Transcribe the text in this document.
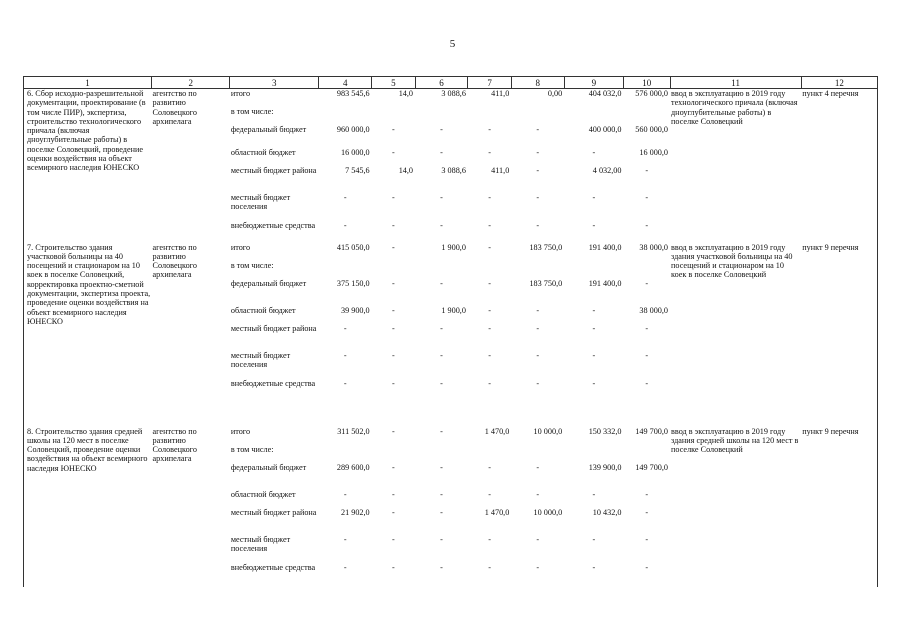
5
1	2	3	4	5	6	7	8	9	10	11	12
6. Сбор исходно-разрешительной документации, проектирование (в том числе ПИР), экспертиза, строительство технологического причала (включая дноуглубительные работы) в поселке Соловецкий, проведение оценки воздействия на объект всемирного наследия ЮНЕСКО	агентство по развитию Соловецкого архипелага	итого	983 545,6	14,0	3 088,6	411,0	0,00	404 032,0	576 000,0	ввод в эксплуатацию в 2019 году технологического причала (включая дноуглубительные работы) в поселке Соловецкий	пункт 4 перечня
		в том числе:									
		федеральный бюджет	960 000,0	-	-	-	-	400 000,0	560 000,0		
		областной бюджет	16 000,0	-	-	-	-	-	16 000,0		
		местный бюджет района	7 545,6	14,0	3 088,6	411,0	-	4 032,00	-		
		местный бюджет поселения	-	-	-	-	-	-	-		
		внебюджетные средства	-	-	-	-	-	-	-		
7. Строительство здания участковой больницы на 40 посещений и стационаром на 10 коек в поселке Соловецкий, корректировка проектно-сметной документации, экспертиза проекта, проведение оценки воздействия на объект всемирного наследия ЮНЕСКО	агентство по развитию Соловецкого архипелага	итого	415 050,0	-	1 900,0	-	183 750,0	191 400,0	38 000,0	ввод в эксплуатацию в 2019 году здания участковой больницы на 40 посещений и стационаром на 10 коек в поселке Соловецкий	пункт 9 перечня
		в том числе:									
		федеральный бюджет	375 150,0	-	-	-	183 750,0	191 400,0	-		
		областной бюджет	39 900,0	-	1 900,0	-	-	-	38 000,0		
		местный бюджет района	-	-	-	-	-	-	-		
		местный бюджет поселения	-	-	-	-	-	-	-		
		внебюджетные средства	-	-	-	-	-	-	-		

8. Строительство здания средней школы на 120 мест в поселке Соловецкий, проведение оценки воздействия на объект всемирного наследия ЮНЕСКО	агентство по развитию Соловецкого архипелага	итого	311 502,0	-	-	1 470,0	10 000,0	150 332,0	149 700,0	ввод в эксплуатацию в 2019 году здания средней школы на 120 мест в поселке Соловецкий	пункт 9 перечня
		в том числе:									
		федеральный бюджет	289 600,0	-	-	-	-	139 900,0	149 700,0		
		областной бюджет	-	-	-	-	-	-	-		
		местный бюджет района	21 902,0	-	-	1 470,0	10 000,0	10 432,0	-		
		местный бюджет поселения	-	-	-	-	-	-	-		
		внебюджетные средства	-	-	-	-	-	-	-		
